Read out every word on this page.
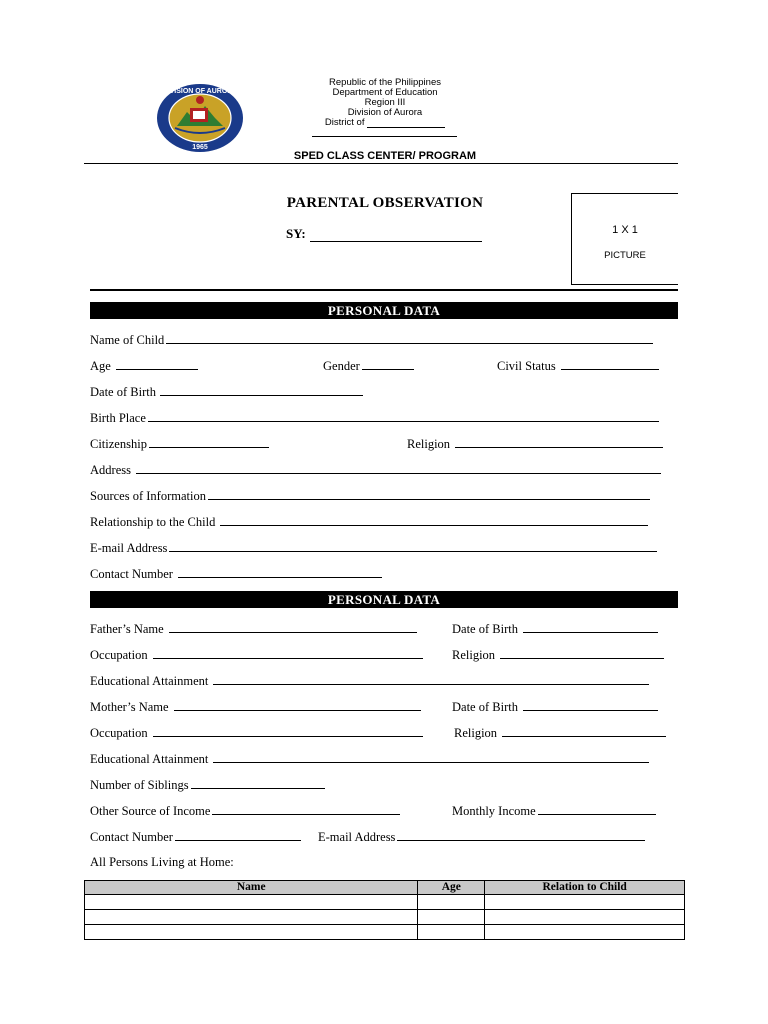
DIVISION OF AURORA
1965
Republic of the Philippines
Department of Education
Region III
Division of Aurora
District of
SPED CLASS CENTER/ PROGRAM
PARENTAL OBSERVATION
SY:	1 X 1
PICTURE
PERSONAL DATA
Name of Child
Age	Gender	Civil Status
Date of Birth
Birth Place
Citizenship	Religion
Address
Sources of Information
Relationship to the Child
E-mail Address
Contact Number
PERSONAL DATA
Father’s Name	Date of Birth
Occupation	Religion
Educational Attainment
Mother’s Name	Date of Birth
Occupation	Religion
Educational Attainment
Number of Siblings
Other Source of Income	Monthly Income
Contact Number	E-mail Address
All Persons Living at Home:
Name	Age	Relation to Child
